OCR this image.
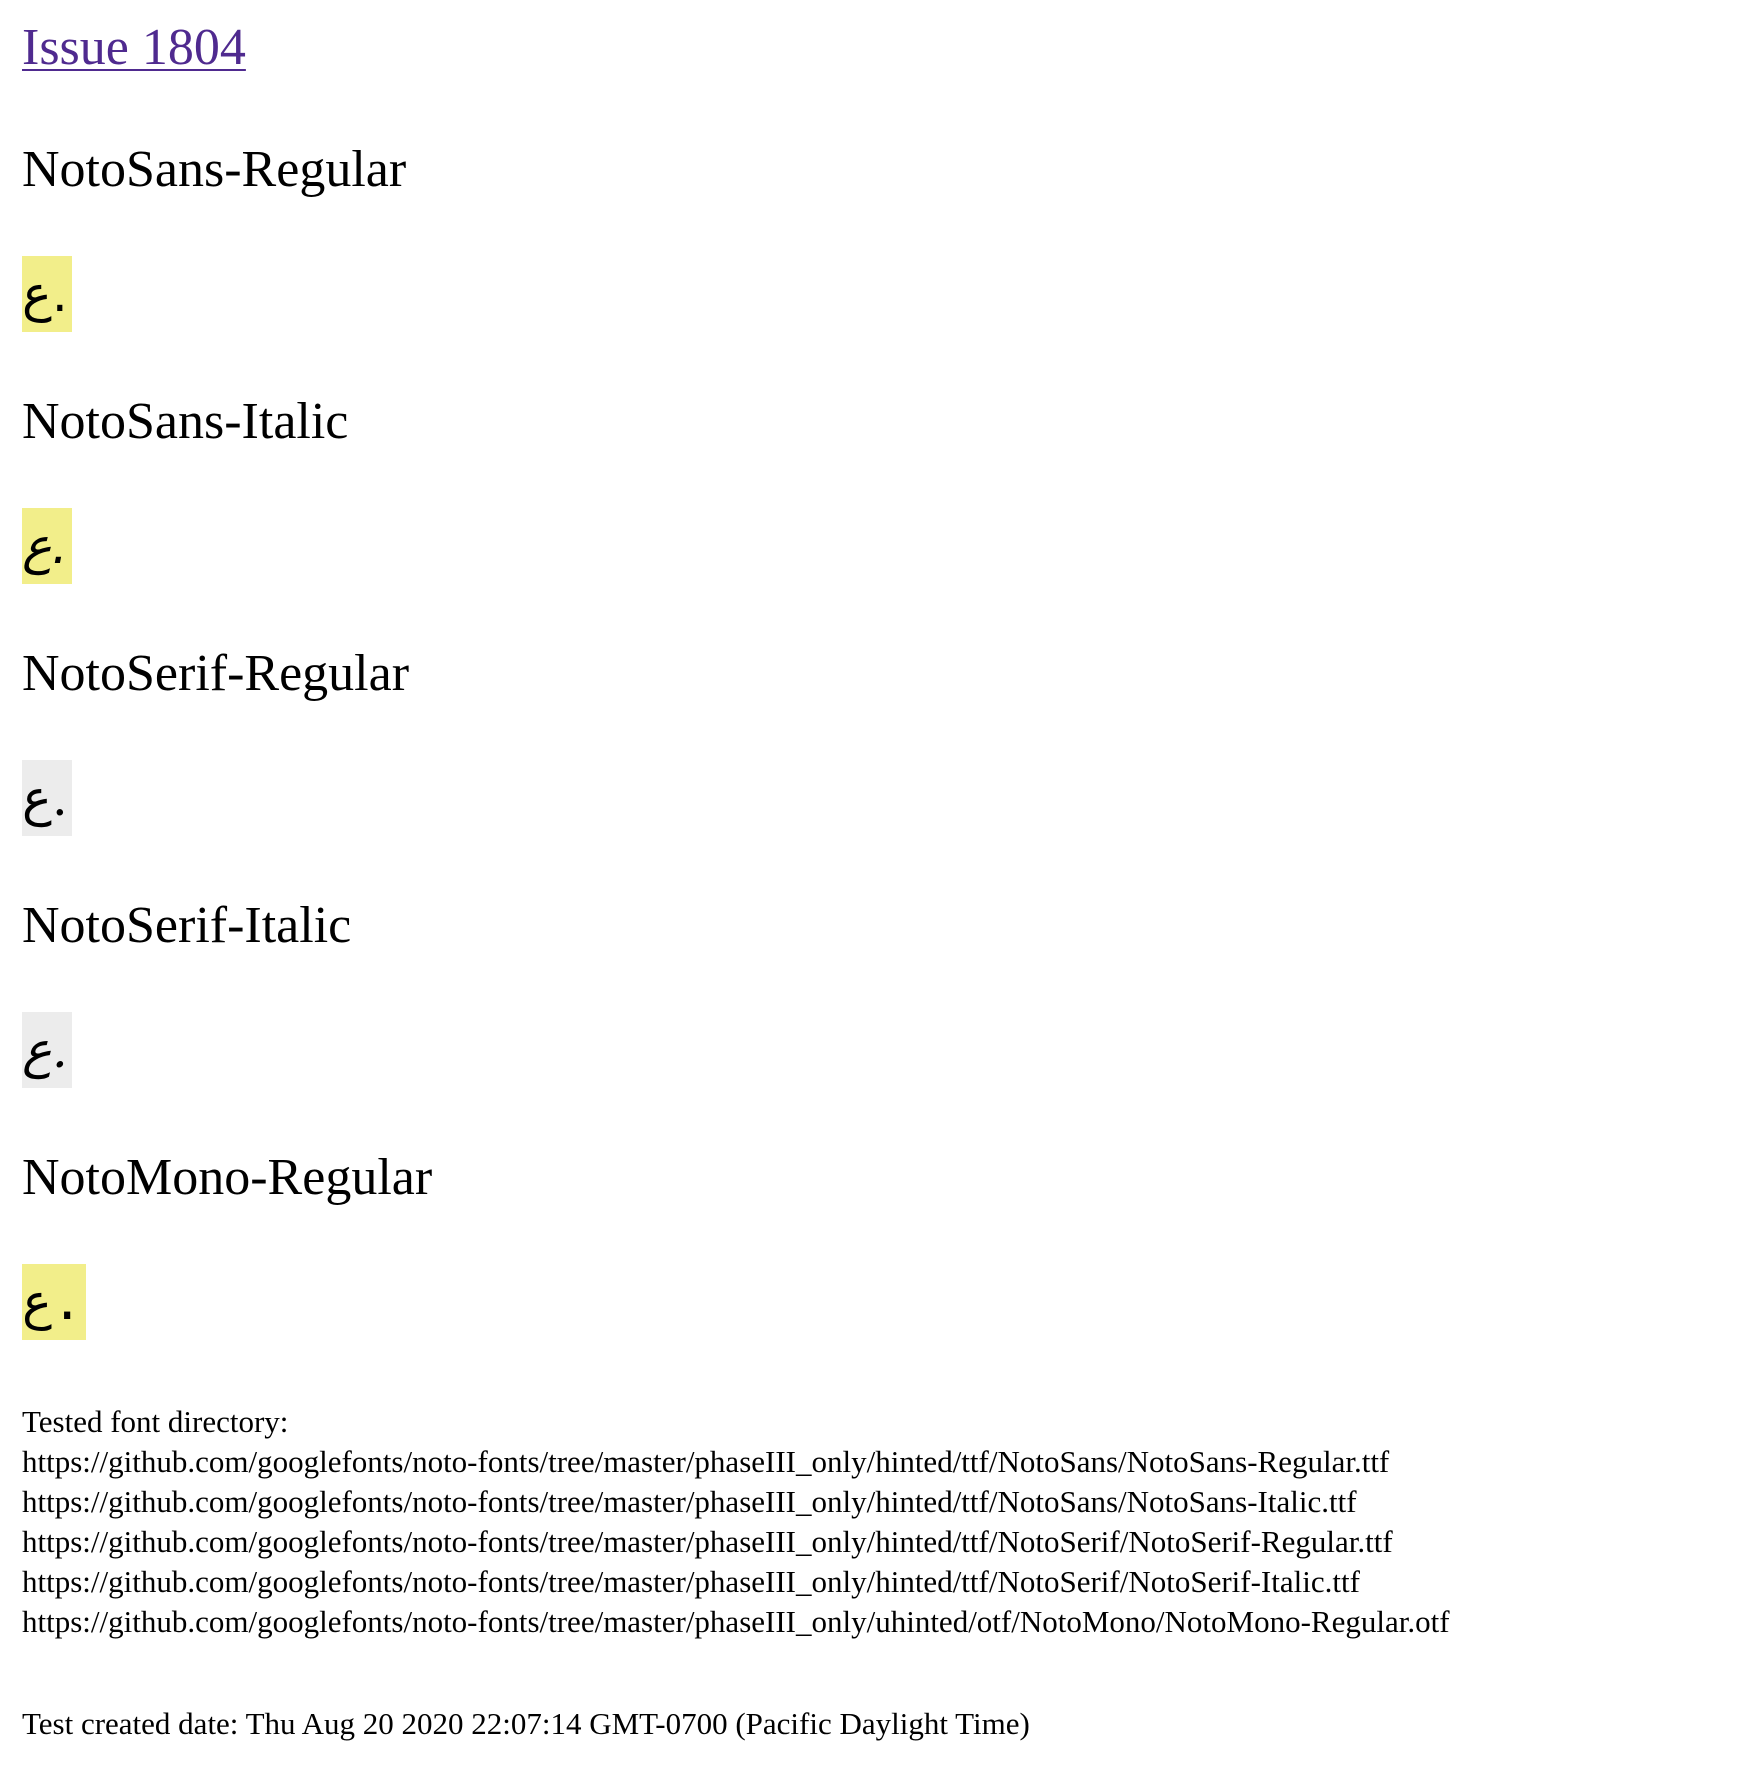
Issue 1804
NotoSans-Regular
ع.
NotoSans-Italic
ع.
NotoSerif-Regular
ع.
NotoSerif-Italic
ع.
NotoMono-Regular
ع.
Tested font directory:
https://github.com/googlefonts/noto-fonts/tree/master/phaseIII_only/hinted/ttf/NotoSans/NotoSans-Regular.ttf
https://github.com/googlefonts/noto-fonts/tree/master/phaseIII_only/hinted/ttf/NotoSans/NotoSans-Italic.ttf
https://github.com/googlefonts/noto-fonts/tree/master/phaseIII_only/hinted/ttf/NotoSerif/NotoSerif-Regular.ttf
https://github.com/googlefonts/noto-fonts/tree/master/phaseIII_only/hinted/ttf/NotoSerif/NotoSerif-Italic.ttf
https://github.com/googlefonts/noto-fonts/tree/master/phaseIII_only/uhinted/otf/NotoMono/NotoMono-Regular.otf
Test created date: Thu Aug 20 2020 22:07:14 GMT-0700 (Pacific Daylight Time)
